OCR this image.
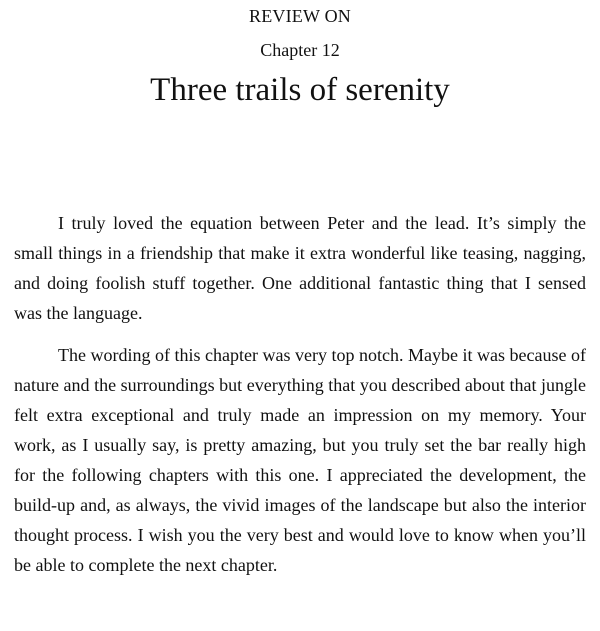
REVIEW ON
Chapter 12
Three trails of serenity

I truly loved the equation between Peter and the lead. It’s simply the small things in a friendship that make it extra wonderful like teasing, nagging, and doing foolish stuff together. One additional fantastic thing that I sensed was the language.

The wording of this chapter was very top notch. Maybe it was because of nature and the surroundings but everything that you described about that jungle felt extra exceptional and truly made an impression on my memory. Your work, as I usually say, is pretty amazing, but you truly set the bar really high for the following chapters with this one. I appreciated the development, the build-up and, as always, the vivid images of the landscape but also the interior thought process. I wish you the very best and would love to know when you’ll be able to complete the next chapter.
